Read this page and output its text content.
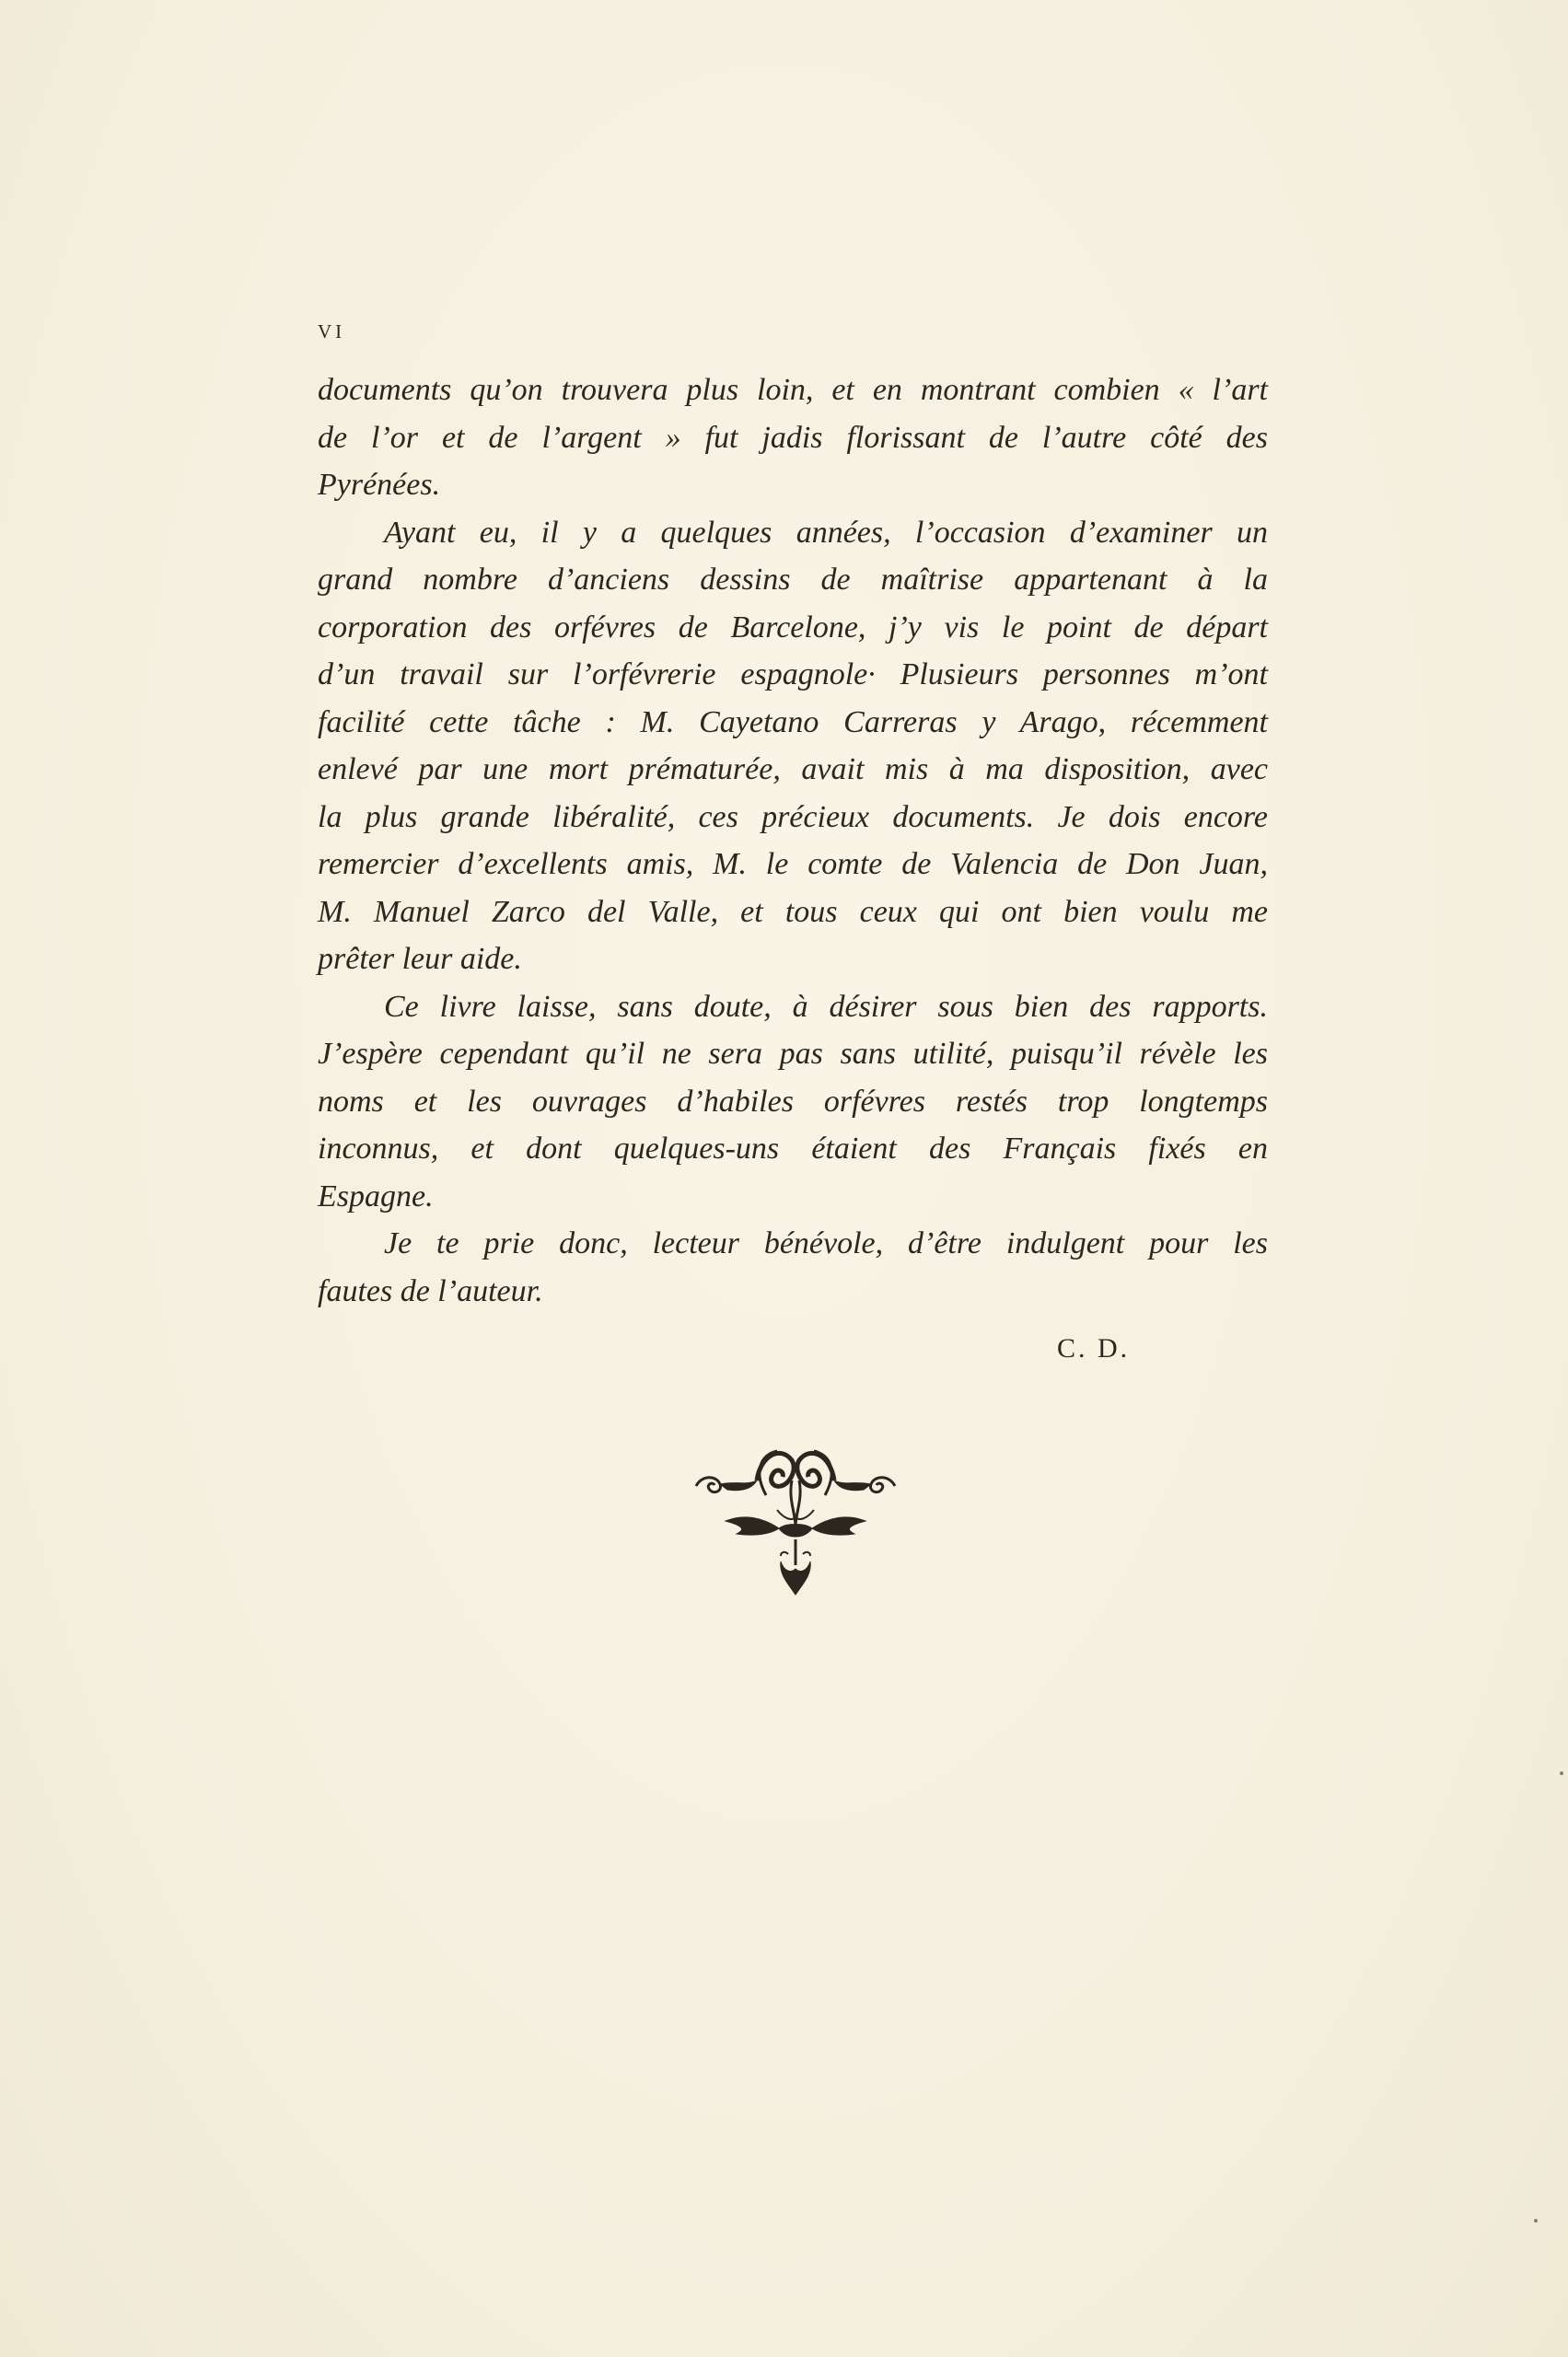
VI
documents qu’on trouvera plus loin, et en montrant combien « l’art
de l’or et de l’argent » fut jadis florissant de l’autre côté des
Pyrénées.
Ayant eu, il y a quelques années, l’occasion d’examiner un
grand nombre d’anciens dessins de maîtrise appartenant à la
corporation des orfévres de Barcelone, j’y vis le point de départ
d’un travail sur l’orfévrerie espagnole· Plusieurs personnes m’ont
facilité cette tâche : M. Cayetano Carreras y Arago, récemment
enlevé par une mort prématurée, avait mis à ma disposition, avec
la plus grande libéralité, ces précieux documents. Je dois encore
remercier d’excellents amis, M. le comte de Valencia de Don Juan,
M. Manuel Zarco del Valle, et tous ceux qui ont bien voulu me
prêter leur aide.
Ce livre laisse, sans doute, à désirer sous bien des rapports.
J’espère cependant qu’il ne sera pas sans utilité, puisqu’il révèle les
noms et les ouvrages d’habiles orfévres restés trop longtemps
inconnus, et dont quelques-uns étaient des Français fixés en
Espagne.
Je te prie donc, lecteur bénévole, d’être indulgent pour les
fautes de l’auteur.
C. D.
